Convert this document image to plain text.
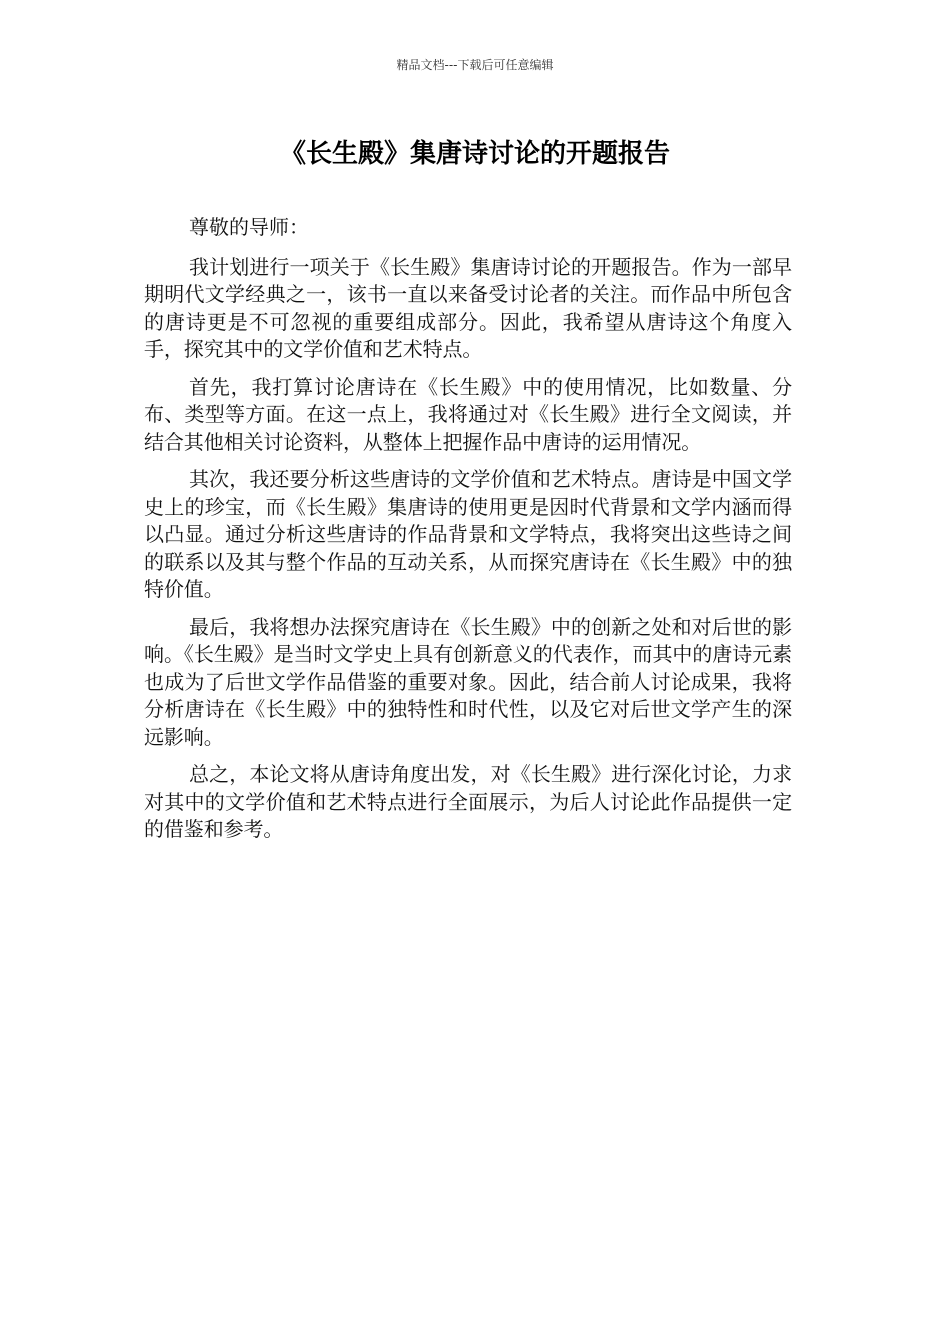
精品文档---下载后可任意编辑
《长生殿》集唐诗讨论的开题报告

尊敬的导师：

我计划进行一项关于《长生殿》集唐诗讨论的开题报告。作为一部早期明代文学经典之一，该书一直以来备受讨论者的关注。而作品中所包含的唐诗更是不可忽视的重要组成部分。因此，我希望从唐诗这个角度入手，探究其中的文学价值和艺术特点。

首先，我打算讨论唐诗在《长生殿》中的使用情况，比如数量、分布、类型等方面。在这一点上，我将通过对《长生殿》进行全文阅读，并结合其他相关讨论资料，从整体上把握作品中唐诗的运用情况。

其次，我还要分析这些唐诗的文学价值和艺术特点。唐诗是中国文学史上的珍宝，而《长生殿》集唐诗的使用更是因时代背景和文学内涵而得以凸显。通过分析这些唐诗的作品背景和文学特点，我将突出这些诗之间的联系以及其与整个作品的互动关系，从而探究唐诗在《长生殿》中的独特价值。

最后，我将想办法探究唐诗在《长生殿》中的创新之处和对后世的影响。《长生殿》是当时文学史上具有创新意义的代表作，而其中的唐诗元素也成为了后世文学作品借鉴的重要对象。因此，结合前人讨论成果，我将分析唐诗在《长生殿》中的独特性和时代性，以及它对后世文学产生的深远影响。

总之，本论文将从唐诗角度出发，对《长生殿》进行深化讨论，力求对其中的文学价值和艺术特点进行全面展示，为后人讨论此作品提供一定的借鉴和参考。
